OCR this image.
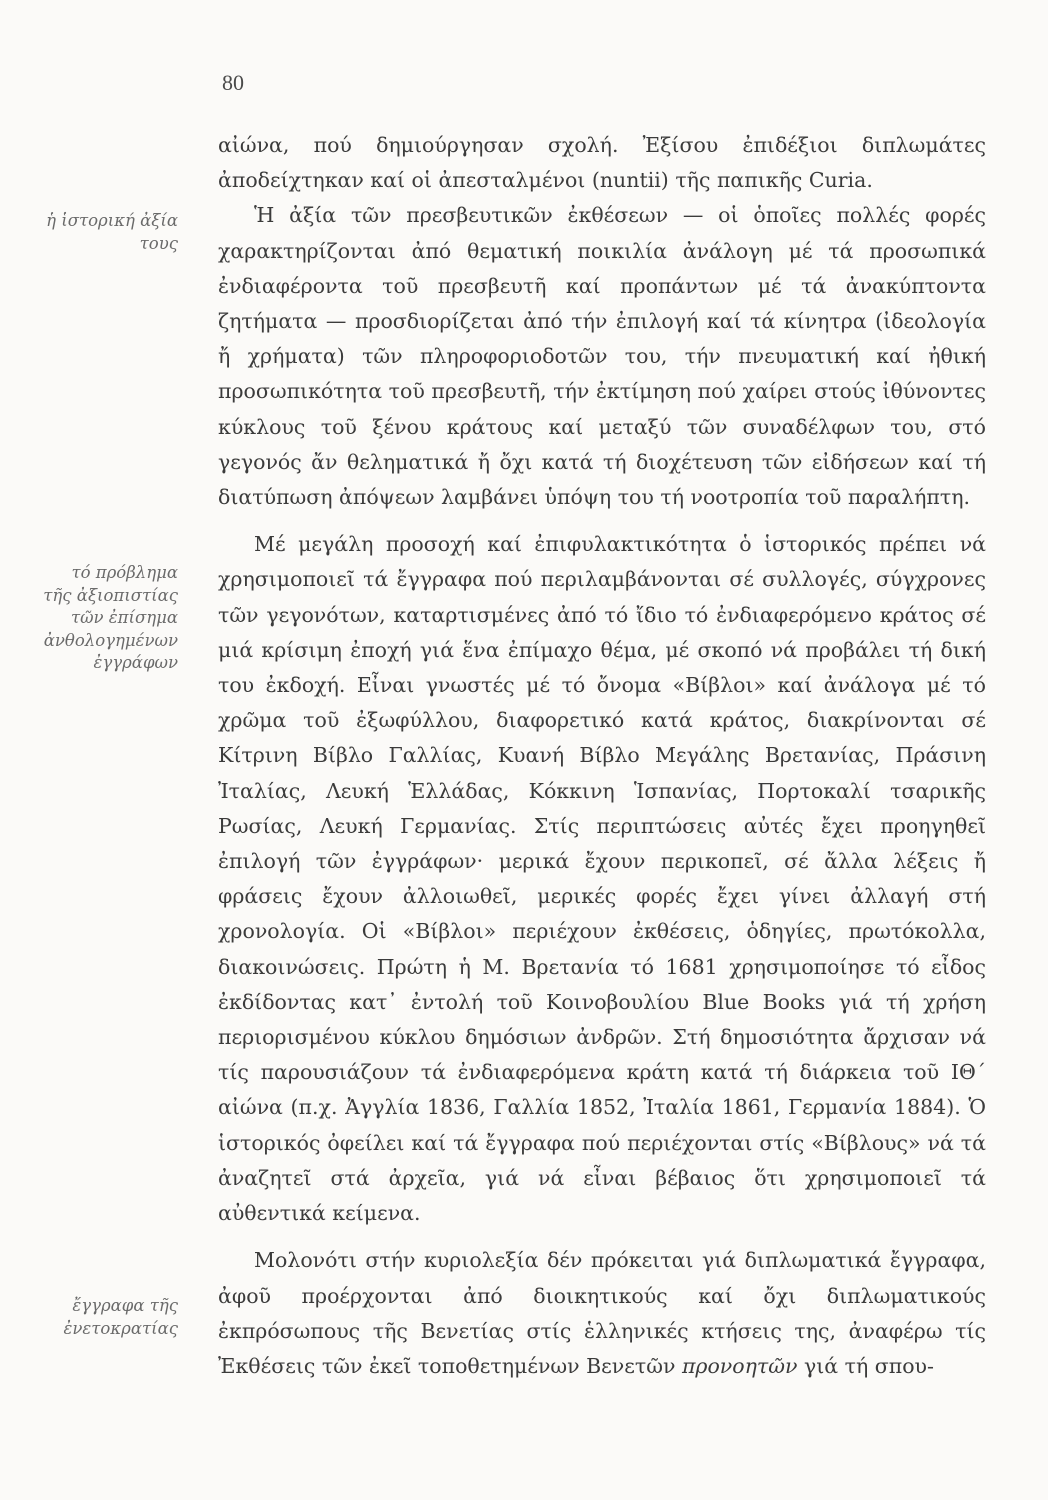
80
ἡ ἱστορική ἀξία τους
τό πρόβλημα τῆς ἀξιοπιστίας τῶν ἐπίσημα ἀνθολογημένων ἐγγράφων
ἔγγραφα τῆς ἐνετοκρατίας

αἰώνα, πού δημιούργησαν σχολή. Ἐξίσου ἐπιδέξιοι διπλωμάτες ἀποδείχτηκαν καί οἱ ἀπεσταλμένοι (nuntii) τῆς παπικῆς Curia.

Ἡ ἀξία τῶν πρεσβευτικῶν ἐκθέσεων — οἱ ὁποῖες πολλές φορές χαρακτηρίζονται ἀπό θεματική ποικιλία ἀνάλογη μέ τά προσωπικά ἐνδιαφέροντα τοῦ πρεσβευτῆ καί προπάντων μέ τά ἀνακύπτοντα ζητήματα — προσδιορίζεται ἀπό τήν ἐπιλογή καί τά κίνητρα (ἰδεολογία ἤ χρήματα) τῶν πληροφοριοδοτῶν του, τήν πνευματική καί ἠθική προσωπικότητα τοῦ πρεσβευτῆ, τήν ἐκτίμηση πού χαίρει στούς ἰθύνοντες κύκλους τοῦ ξένου κράτους καί μεταξύ τῶν συναδέλφων του, στό γεγονός ἄν θεληματικά ἤ ὄχι κατά τή διοχέτευση τῶν εἰδήσεων καί τή διατύπωση ἀπόψεων λαμβάνει ὑπόψη του τή νοοτροπία τοῦ παραλήπτη.

Μέ μεγάλη προσοχή καί ἐπιφυλακτικότητα ὁ ἱστορικός πρέπει νά χρησιμοποιεῖ τά ἔγγραφα πού περιλαμβάνονται σέ συλλογές, σύγχρονες τῶν γεγονότων, καταρτισμένες ἀπό τό ἴδιο τό ἐνδιαφερόμενο κράτος σέ μιά κρίσιμη ἐποχή γιά ἕνα ἐπίμαχο θέμα, μέ σκοπό νά προβάλει τή δική του ἐκδοχή. Εἶναι γνωστές μέ τό ὄνομα «Βίβλοι» καί ἀνάλογα μέ τό χρῶμα τοῦ ἐξωφύλλου, διαφορετικό κατά κράτος, διακρίνονται σέ Κίτρινη Βίβλο Γαλλίας, Κυανή Βίβλο Μεγάλης Βρετανίας, Πράσινη Ἰταλίας, Λευκή Ἑλλάδας, Κόκκινη Ἱσπανίας, Πορτοκαλί τσαρικῆς Ρωσίας, Λευκή Γερμανίας. Στίς περιπτώσεις αὐτές ἔχει προηγηθεῖ ἐπιλογή τῶν ἐγγράφων· μερικά ἔχουν περικοπεῖ, σέ ἄλλα λέξεις ἤ φράσεις ἔχουν ἀλλοιωθεῖ, μερικές φορές ἔχει γίνει ἀλλαγή στή χρονολογία. Οἱ «Βίβλοι» περιέχουν ἐκθέσεις, ὁδηγίες, πρωτόκολλα, διακοινώσεις. Πρώτη ἡ Μ. Βρετανία τό 1681 χρησιμοποίησε τό εἶδος ἐκδίδοντας κατ᾽ ἐντολή τοῦ Κοινοβουλίου Blue Books γιά τή χρήση περιορισμένου κύκλου δημόσιων ἀνδρῶν. Στή δημοσιότητα ἄρχισαν νά τίς παρουσιάζουν τά ἐνδιαφερόμενα κράτη κατά τή διάρκεια τοῦ ΙΘ´ αἰώνα (π.χ. Ἀγγλία 1836, Γαλλία 1852, Ἰταλία 1861, Γερμανία 1884). Ὁ ἱστορικός ὀφείλει καί τά ἔγγραφα πού περιέχονται στίς «Βίβλους» νά τά ἀναζητεῖ στά ἀρχεῖα, γιά νά εἶναι βέβαιος ὅτι χρησιμοποιεῖ τά αὐθεντικά κείμενα.

Μολονότι στήν κυριολεξία δέν πρόκειται γιά διπλωματικά ἔγγραφα, ἀφοῦ προέρχονται ἀπό διοικητικούς καί ὄχι διπλωματικούς ἐκπρόσωπους τῆς Βενετίας στίς ἑλληνικές κτήσεις της, ἀναφέρω τίς Ἐκθέσεις τῶν ἐκεῖ τοποθετημένων Βενετῶν προνοητῶν γιά τή σπου-
